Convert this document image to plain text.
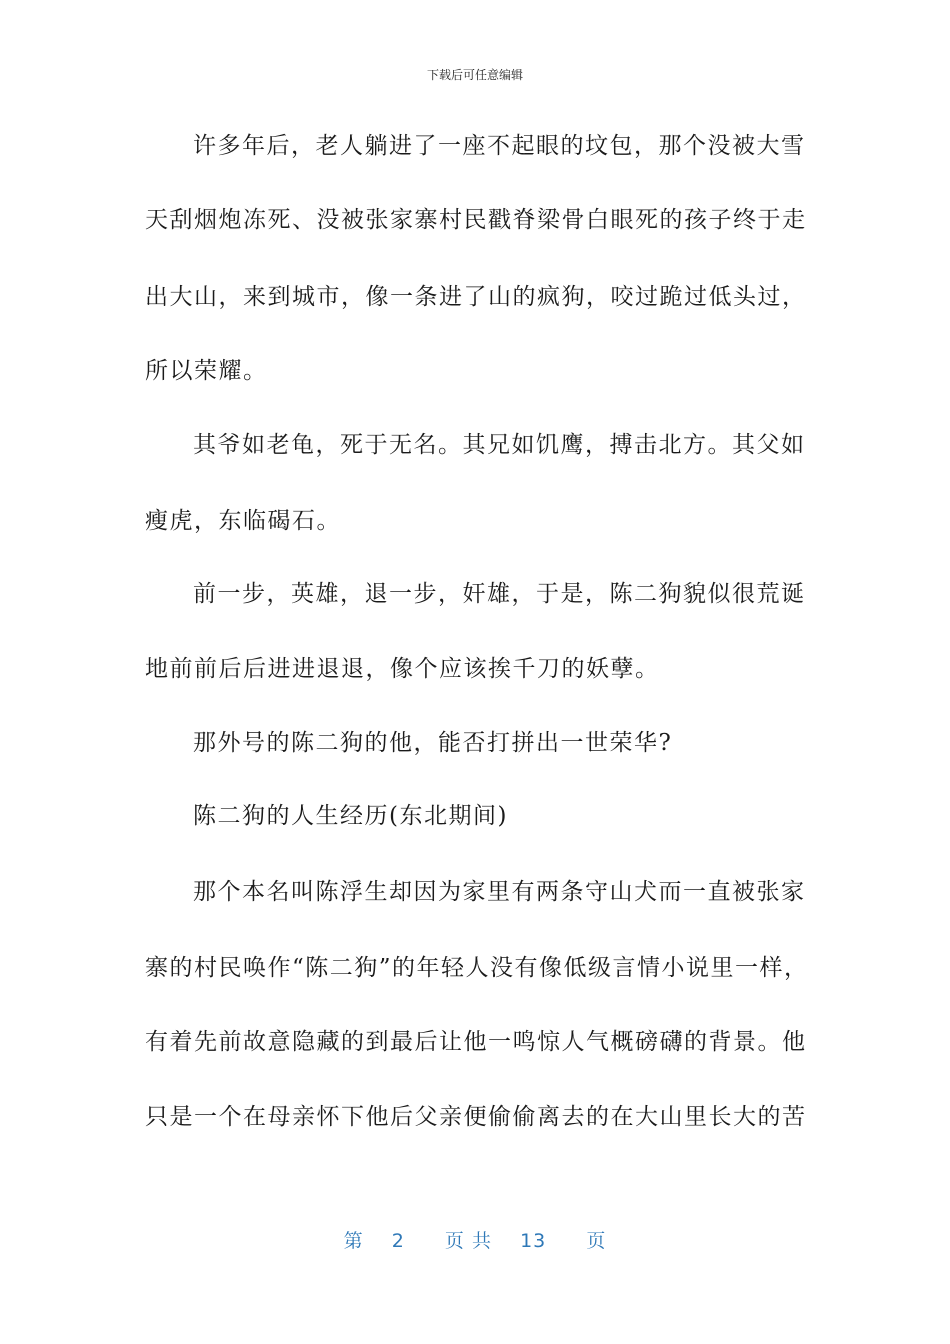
下载后可任意编辑
许多年后，老人躺进了一座不起眼的坟包，那个没被大雪
天刮烟炮冻死、没被张家寨村民戳脊梁骨白眼死的孩子终于走
出大山，来到城市，像一条进了山的疯狗，咬过跪过低头过，
所以荣耀。
其爷如老龟，死于无名。其兄如饥鹰，搏击北方。其父如
瘦虎，东临碣石。
前一步，英雄，退一步，奸雄，于是，陈二狗貌似很荒诞
地前前后后进进退退，像个应该挨千刀的妖孽。
那外号的陈二狗的他，能否打拼出一世荣华?
陈二狗的人生经历(东北期间)
那个本名叫陈浮生却因为家里有两条守山犬而一直被张家
寨的村民唤作“陈二狗”的年轻人没有像低级言情小说里一样，
有着先前故意隐藏的到最后让他一鸣惊人气概磅礴的背景。他
只是一个在母亲怀下他后父亲便偷偷离去的在大山里长大的苦
第 2 页 共 13 页
